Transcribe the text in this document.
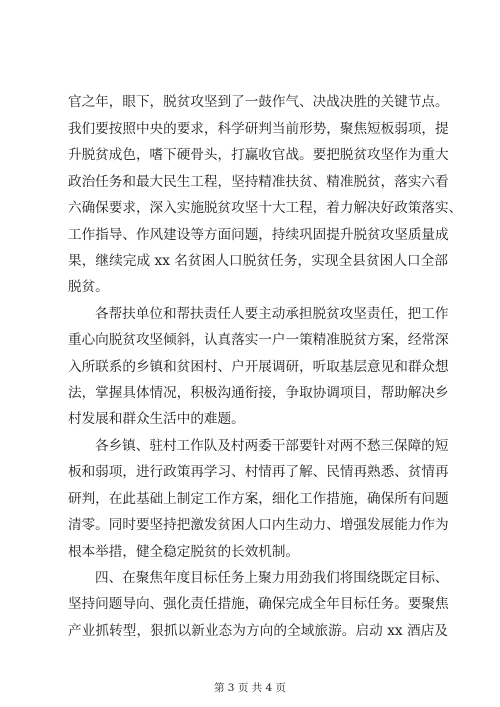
官之年，眼下，脱贫攻坚到了一鼓作气、决战决胜的关键节点。
我们要按照中央的要求，科学研判当前形势，聚焦短板弱项，提
升脱贫成色，嗜下硬骨头，打赢收官战。要把脱贫攻坚作为重大
政治任务和最大民生工程，坚持精准扶贫、精准脱贫，落实六看
六确保要求，深入实施脱贫攻坚十大工程，着力解决好政策落实、
工作指导、作风建设等方面问题，持续巩固提升脱贫攻坚质量成
果，继续完成 xx 名贫困人口脱贫任务，实现全县贫困人口全部
脱贫。
各帮扶单位和帮扶责任人要主动承担脱贫攻坚责任，把工作
重心向脱贫攻坚倾斜，认真落实一户一策精准脱贫方案，经常深
入所联系的乡镇和贫困村、户开展调研，听取基层意见和群众想
法，掌握具体情况，积极沟通衔接，争取协调项目，帮助解决乡
村发展和群众生活中的难题。
各乡镇、驻村工作队及村两委干部要针对两不愁三保障的短
板和弱项，进行政策再学习、村情再了解、民情再熟悉、贫情再
研判，在此基础上制定工作方案，细化工作措施，确保所有问题
清零。同时要坚持把激发贫困人口内生动力、增强发展能力作为
根本举措，健全稳定脱贫的长效机制。
四、在聚焦年度目标任务上聚力用劲我们将围绕既定目标、
坚持问题导向、强化责任措施，确保完成全年目标任务。要聚焦
产业抓转型，狠抓以新业态为方向的全域旅游。启动 xx 酒店及
第 3 页 共 4 页
